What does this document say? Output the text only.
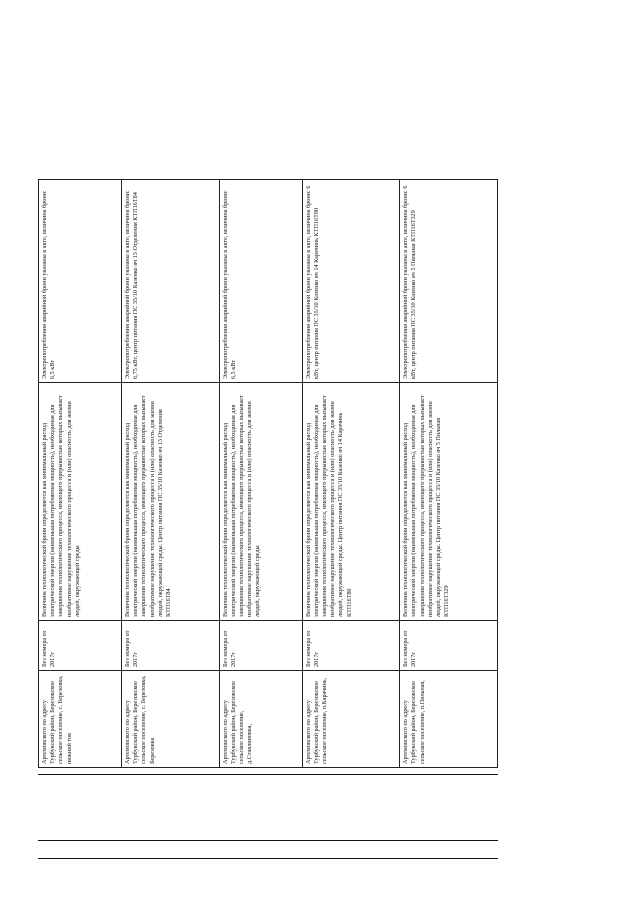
Артемовского по адресу Турбукский район, Березовское сельское поселение, с. Березовка, нижний ток	Без номера от 2017г	Величина технологической брони определяется как минимальный расход электрической энергии (наименьшая потребляемая мощность), необходимая для завершения технологического процесса, имеющего прерывистые которых вызывает необратимое нарушение технологического процесса и (или) опасность для жизни людей, окружающей среды	Электропотребления аварийной брони указаны в акте, величина брони: 6,5 кВт
Артемовского по адресу Турбукский район, Березовское сельское поселение, с. Березовка, Березовка	Без номера от 2017г	Величина технологической брони определяется как минимальный расход электрической энергии (наименьшая потребляемая мощность), необходимая для завершения технологического процесса, имеющего прерывистые которых вызывает необратимое нарушение технологического процесса и (или) опасность для жизни людей, окружающей среды. Центр питания ПС 35/10 Казенко яч 13 Отделения КТП16Т84	Электропотребления аварийной брони указаны в акте, величина брони: 6,75 кВт, центр питания ПС 35/10 Казенко яч 13 Отделения КТП16Т84
Артемовского по адресу Турбукский район, Березовское сельское поселение, д.Ставлиновка,	Без номера от 2017г	Величина технологической брони определяется как минимальный расход электрической энергии (наименьшая потребляемая мощность), необходимая для завершения технологического процесса, имеющего прерывистые которых вызывает необратимое нарушение технологического процесса и (или) опасность для жизни людей, окружающей среды	Электропотребления аварийной брони указаны в акте, величина брони: 6,5 кВт
Артемовского по адресу Турбукский район, Березовское сельское поселение, п.Карачинь,	Без номера от 2017г	Величина технологической брони определяется как минимальный расход электрической энергии (наименьшая потребляемая мощность), необходимая для завершения технологического процесса, имеющего прерывистые которых вызывает необратимое нарушение технологического процесса и (или) опасность для жизни людей, окружающей среды. Центр питания ПС 35/10 Казенко яч 14 Карачинь КТП16Т80	Электропотребления аварийной брони указаны в акте, величина брони: 6 кВт, центр питания ПС 35/10 Казенко яч 14 Карачинь КТП16Т80
Артемовского по адресу Турбукский район, Березовское сельское поселение, п.Пильная,	Без номера от 2017г	Величина технологической брони определяется как минимальный расход электрической энергии (наименьшая потребляемая мощность), необходимая для завершения технологического процесса, имеющего прерывистые которых вызывает необратимое нарушение технологического процесса и (или) опасность для жизни людей, окружающей среды. Центр питания ПС 35/10 Казенко яч 5 Пильная КТП16Т329	Электропотребления аварийной брони указаны в акте, величина брони: 6 кВт, центр питания ПС 35/10 Казенко яч 5 Пильная КТП16Т329
